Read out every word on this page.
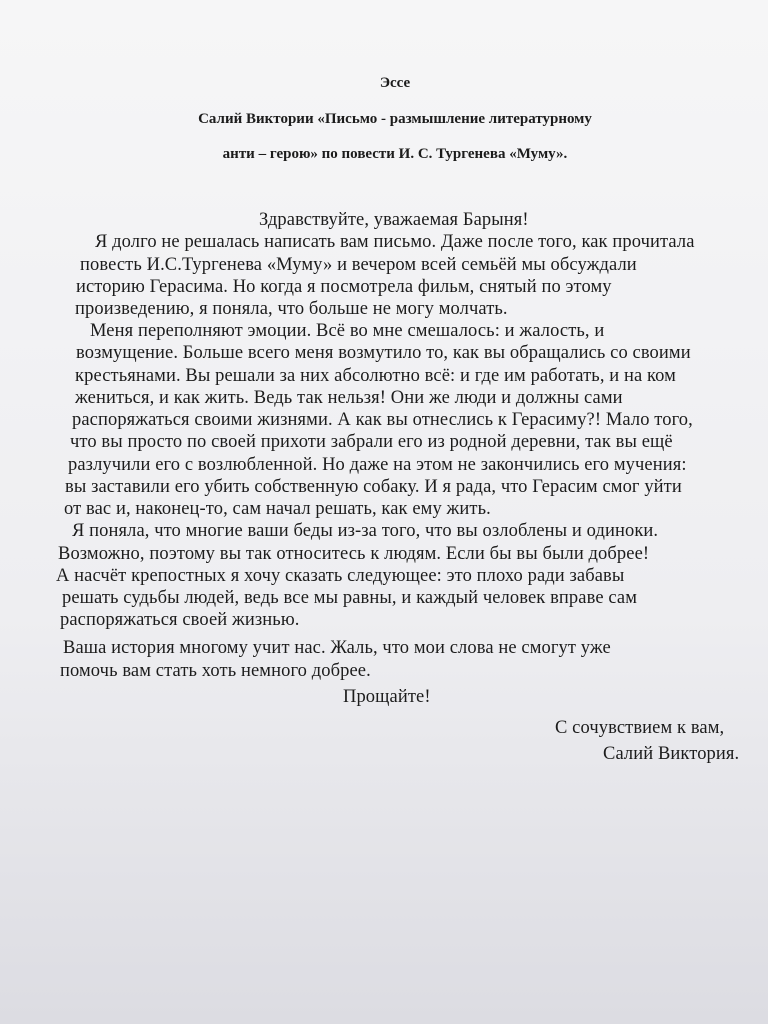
Эссе
Салий Виктории «Письмо - размышление литературному
анти – герою» по повести И. С. Тургенева «Муму».
Здравствуйте, уважаемая Барыня!
Я долго не решалась написать вам письмо. Даже после того, как прочитала
повесть И.С.Тургенева «Муму» и вечером всей семьёй мы обсуждали
историю Герасима. Но когда я посмотрела фильм, снятый по этому
произведению, я поняла, что больше не могу молчать.
Меня переполняют эмоции. Всё во мне смешалось: и жалость, и
возмущение. Больше всего меня возмутило то, как вы обращались со своими
крестьянами. Вы решали за них абсолютно всё: и где им работать, и на ком
жениться, и как жить. Ведь так нельзя! Они же люди и должны сами
распоряжаться своими жизнями. А как вы отнеслись к Герасиму?! Мало того,
что вы просто по своей прихоти забрали его из родной деревни, так вы ещё
разлучили его с возлюбленной. Но даже на этом не закончились его мучения:
вы заставили его убить собственную собаку. И я рада, что Герасим смог уйти
от вас и, наконец-то, сам начал решать, как ему жить.
Я поняла, что многие ваши беды из-за того, что вы озлоблены и одиноки.
Возможно, поэтому вы так относитесь к людям. Если бы вы были добрее!
А насчёт крепостных я хочу сказать следующее: это плохо ради забавы
решать судьбы людей, ведь все мы равны, и каждый человек вправе сам
распоряжаться своей жизнью.
Ваша история многому учит нас. Жаль, что мои слова не смогут уже
помочь вам стать хоть немного добрее.
Прощайте!
С сочувствием к вам,
Салий Виктория.
